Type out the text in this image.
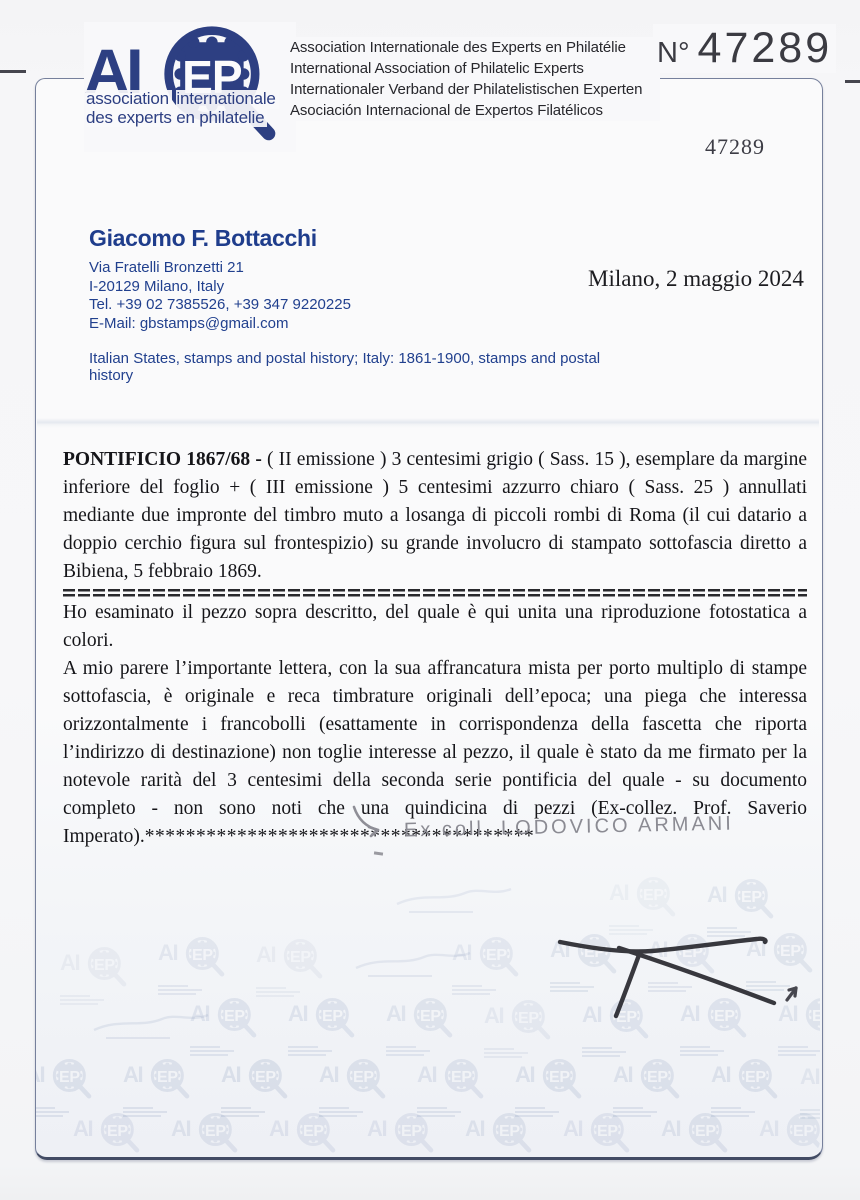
association internationale des experts en philatelie
Association Internationale des Experts en Philatélie
International Association of Philatelic Experts
Internationaler Verband der Philatelistischen Experten
Asociación Internacional de Expertos Filatélicos
N° 47289
47289
Giacomo F. Bottacchi
Via Fratelli Bronzetti 21
I-20129 Milano, Italy
Tel. +39 02 7385526, +39 347 9220225
E-Mail: gbstamps@gmail.com
Italian States, stamps and postal history; Italy: 1861-1900, stamps and postal history
Milano, 2 maggio 2024

PONTIFICIO 1867/68 - ( II emissione ) 3 centesimi grigio ( Sass. 15 ), esemplare da margine inferiore del foglio + ( III emissione ) 5 centesimi azzurro chiaro ( Sass. 25 ) annullati mediante due impronte del timbro muto a losanga di piccoli rombi di Roma (il cui datario a doppio cerchio figura sul frontespizio) su grande involucro di stampato sottofascia diretto a Bibiena, 5 febbraio 1869.

Ho esaminato il pezzo sopra descritto, del quale è qui unita una riproduzione fotostatica a colori.

A mio parere l’importante lettera, con la sua affrancatura mista per porto multiplo di stampe sottofascia, è originale e reca timbrature originali dell’epoca; una piega che interessa orizzontalmente i francobolli (esattamente in corrispondenza della fascetta che riporta l’indirizzo di destinazione) non toglie interesse al pezzo, il quale è stato da me firmato per la notevole rarità del 3 centesimi della seconda serie pontificia del quale - su documento completo - non sono noti che una quindicina di pezzi (Ex-collez. Prof. Saverio Imperato).**************************************

Ex coll. LODOVICO ARMANI
